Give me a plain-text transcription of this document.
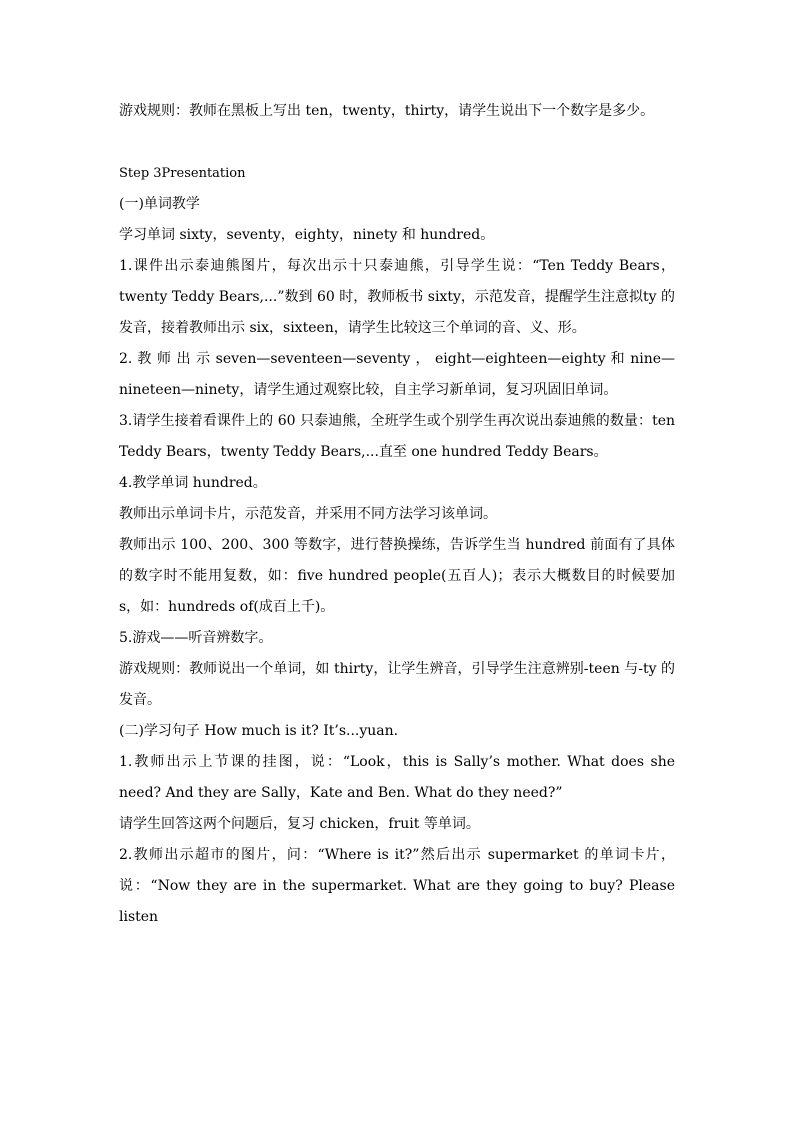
游戏规则：教师在黑板上写出 ten，twenty，thirty，请学生说出下一个数字是多少。

Step 3Presentation

(一)单词教学

学习单词 sixty，seventy，eighty，ninety 和 hundred。

1.课件出示泰迪熊图片，每次出示十只泰迪熊，引导学生说：“Ten Teddy Bears，twenty Teddy Bears,...”数到 60 时，教师板书 sixty，示范发音，提醒学生注意拟ty 的发音，接着教师出示 six，sixteen，请学生比较这三个单词的音、义、形。

2. 教 师 出 示 seven—seventeen—seventy ， eight—eighteen—eighty 和 nine—nineteen—ninety，请学生通过观察比较，自主学习新单词，复习巩固旧单词。

3.请学生接着看课件上的 60 只泰迪熊，全班学生或个别学生再次说出泰迪熊的数量：ten Teddy Bears，twenty Teddy Bears,...直至 one hundred Teddy Bears。

4.教学单词 hundred。

教师出示单词卡片，示范发音，并采用不同方法学习该单词。

教师出示 100、200、300 等数字，进行替换操练，告诉学生当 hundred 前面有了具体的数字时不能用复数，如：five hundred people(五百人)；表示大概数目的时候要加 s，如：hundreds of(成百上千)。

5.游戏——听音辨数字。

游戏规则：教师说出一个单词，如 thirty，让学生辨音，引导学生注意辨别-teen 与-ty 的发音。

(二)学习句子 How much is it? It’s...yuan.

1.教师出示上节课的挂图，说：“Look，this is Sally’s mother. What does she need? And they are Sally，Kate and Ben. What do they need?”

请学生回答这两个问题后，复习 chicken，fruit 等单词。

2.教师出示超市的图片，问：“Where is it?”然后出示 supermarket 的单词卡片，说：“Now they are in the supermarket. What are they going to buy? Please listen
